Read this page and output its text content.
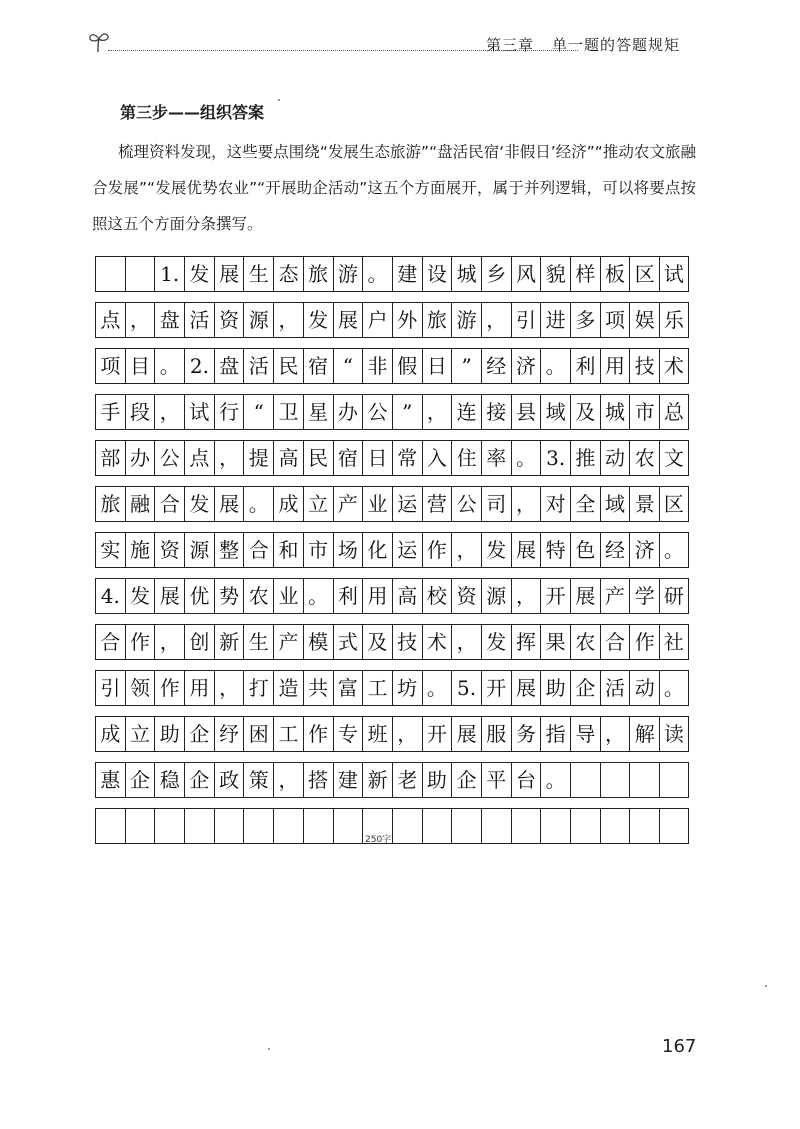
第三章 单一题的答题规矩
第三步——组织答案
梳理资料发现，这些要点围绕“发展生态旅游”“盘活民宿‘非假日’经济”“推动农文旅融合发展”“发展优势农业”“开展助企活动”这五个方面展开，属于并列逻辑，可以将要点按照这五个方面分条撰写。
1. 发 展 生 态 旅 游 。 建 设 城 乡 风 貌 样 板 区 试
点 ， 盘 活 资 源 ， 发 展 户 外 旅 游 ， 引 进 多 项 娱 乐
项 目 。 2. 盘 活 民 宿 “ 非 假 日 ” 经 济 。 利 用 技 术
手 段 ， 试 行 “ 卫 星 办 公 ” ， 连 接 县 域 及 城 市 总
部 办 公 点 ， 提 高 民 宿 日 常 入 住 率 。 3. 推 动 农 文
旅 融 合 发 展 。 成 立 产 业 运 营 公 司 ， 对 全 域 景 区
实 施 资 源 整 合 和 市 场 化 运 作 ， 发 展 特 色 经 济 。
4. 发 展 优 势 农 业 。 利 用 高 校 资 源 ， 开 展 产 学 研
合 作 ， 创 新 生 产 模 式 及 技 术 ， 发 挥 果 农 合 作 社
引 领 作 用 ， 打 造 共 富 工 坊 。 5. 开 展 助 企 活 动 。
成 立 助 企 纾 困 工 作 专 班 ， 开 展 服 务 指 导 ， 解 读
惠 企 稳 企 政 策 ， 搭 建 新 老 助 企 平 台 。
250字
167
